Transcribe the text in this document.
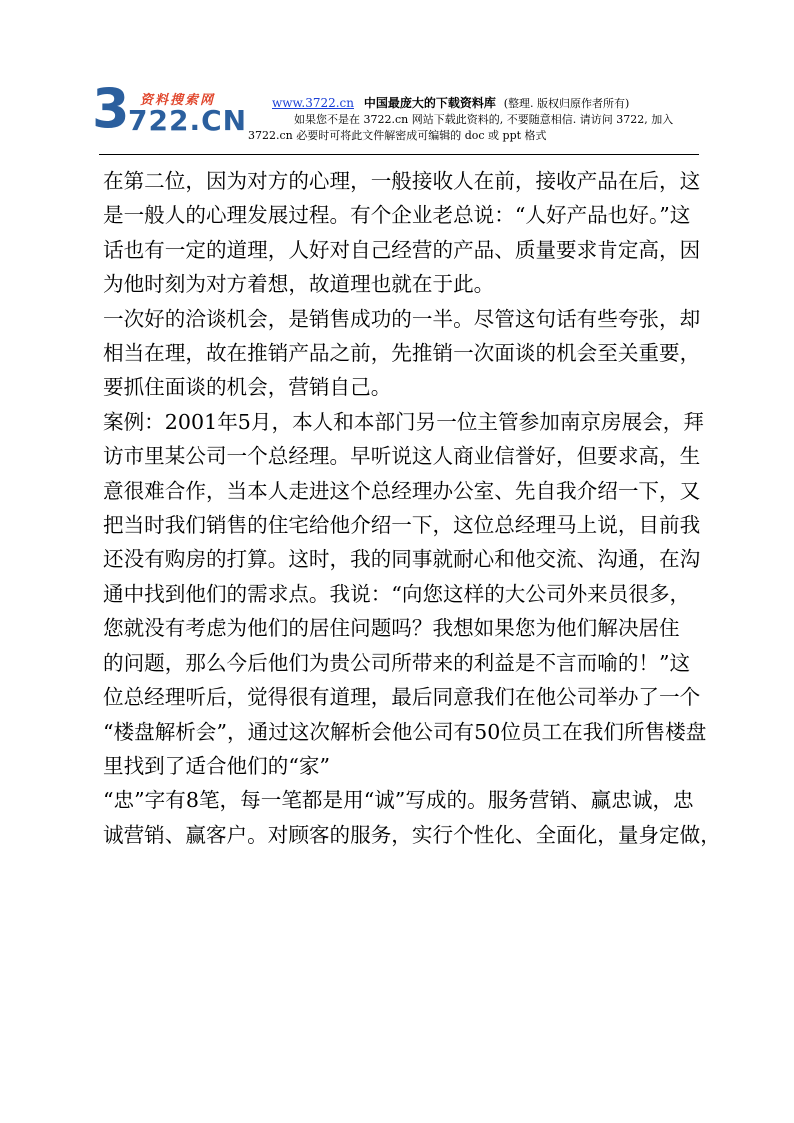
3 资料搜索网
722.CN
www.3722.cn 中国最庞大的下载资料库 (整理. 版权归原作者所有)
如果您不是在 3722.cn 网站下载此资料的, 不要随意相信. 请访问 3722, 加入
3722.cn 必要时可将此文件解密成可编辑的 doc 或 ppt 格式

在第二位，因为对方的心理，一般接收人在前，接收产品在后，这

是一般人的心理发展过程。有个企业老总说：“人好产品也好。”这

话也有一定的道理，人好对自己经营的产品、质量要求肯定高，因

为他时刻为对方着想，故道理也就在于此。

一次好的洽谈机会，是销售成功的一半。尽管这句话有些夸张，却

相当在理，故在推销产品之前，先推销一次面谈的机会至关重要，

要抓住面谈的机会，营销自己。

案例：2001年5月，本人和本部门另一位主管参加南京房展会，拜

访市里某公司一个总经理。早听说这人商业信誉好，但要求高，生

意很难合作，当本人走进这个总经理办公室、先自我介绍一下，又

把当时我们销售的住宅给他介绍一下，这位总经理马上说，目前我

还没有购房的打算。这时，我的同事就耐心和他交流、沟通，在沟

通中找到他们的需求点。我说：“向您这样的大公司外来员很多，

您就没有考虑为他们的居住问题吗？我想如果您为他们解决居住

的问题，那么今后他们为贵公司所带来的利益是不言而喻的！”这

位总经理听后，觉得很有道理，最后同意我们在他公司举办了一个

“楼盘解析会”，通过这次解析会他公司有50位员工在我们所售楼盘

里找到了适合他们的“家”

“忠”字有8笔，每一笔都是用“诚”写成的。服务营销、赢忠诚，忠

诚营销、赢客户。对顾客的服务，实行个性化、全面化，量身定做，
